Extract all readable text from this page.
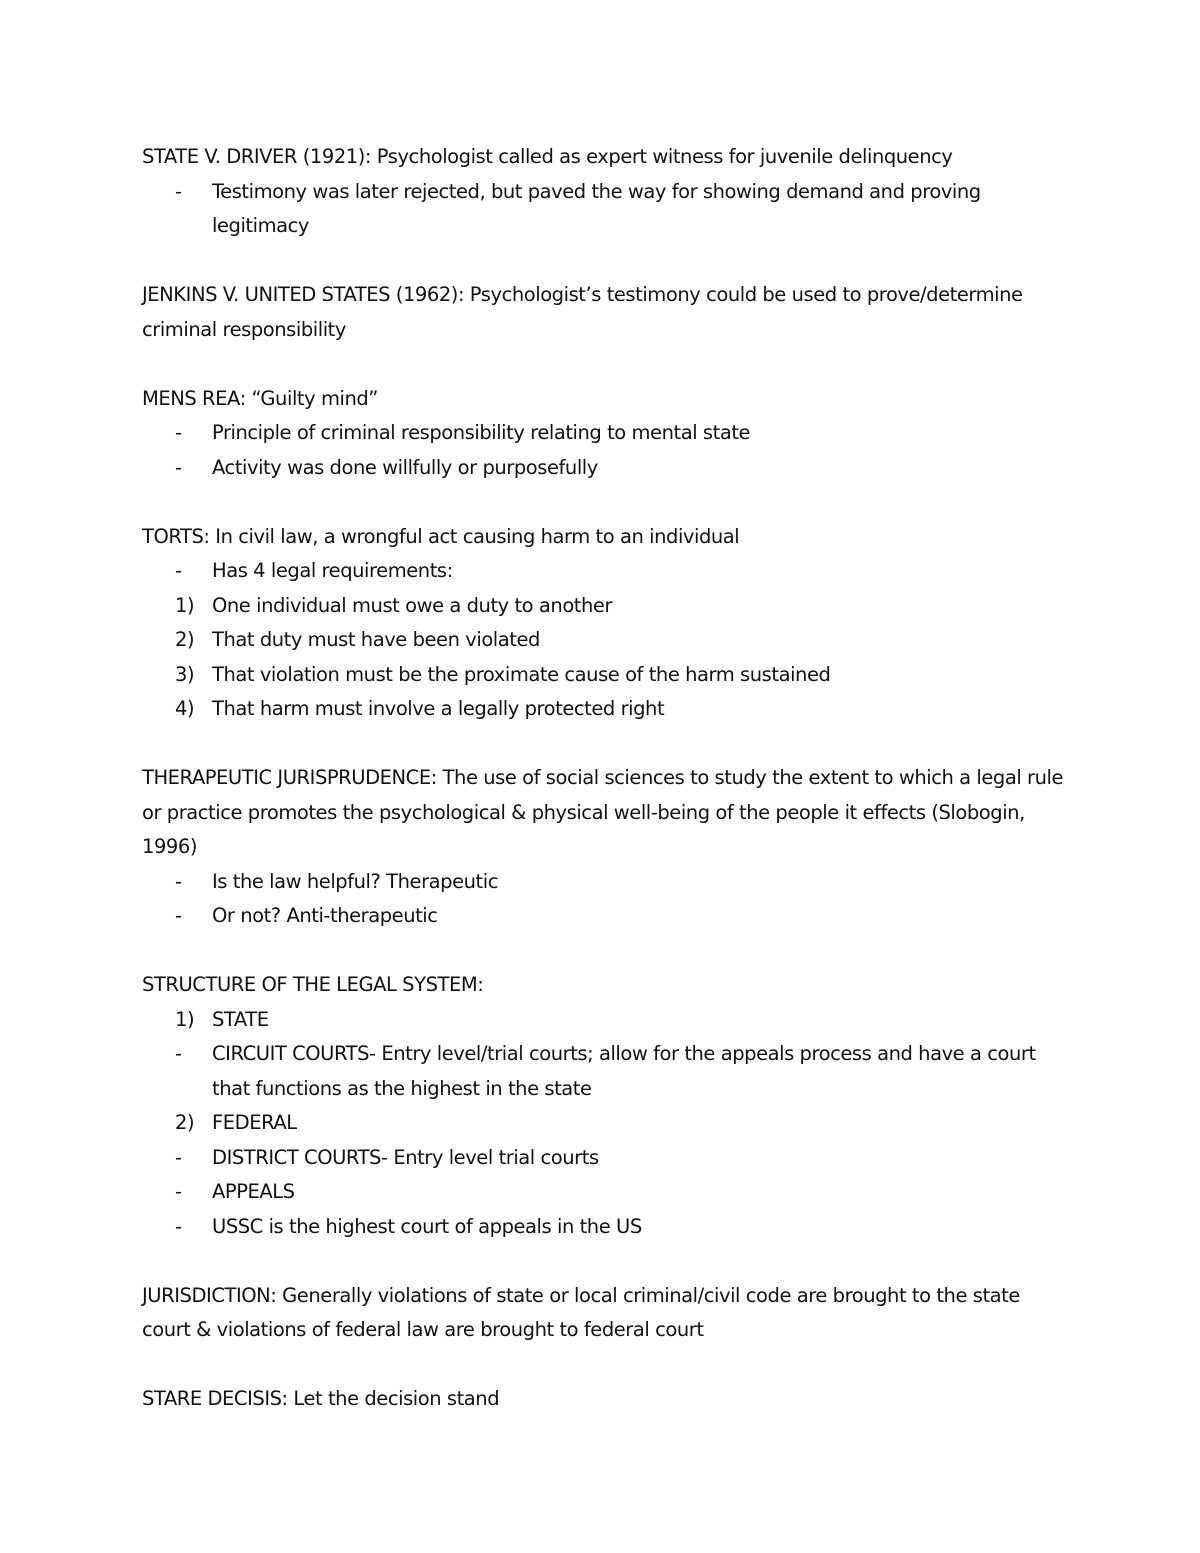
STATE V. DRIVER (1921): Psychologist called as expert witness for juvenile delinquency
- Testimony was later rejected, but paved the way for showing demand and proving legitimacy
JENKINS V. UNITED STATES (1962): Psychologist’s testimony could be used to prove/determine criminal responsibility
MENS REA: “Guilty mind”
- Principle of criminal responsibility relating to mental state
- Activity was done willfully or purposefully
TORTS: In civil law, a wrongful act causing harm to an individual
- Has 4 legal requirements:
1) One individual must owe a duty to another
2) That duty must have been violated
3) That violation must be the proximate cause of the harm sustained
4) That harm must involve a legally protected right
THERAPEUTIC JURISPRUDENCE: The use of social sciences to study the extent to which a legal rule or practice promotes the psychological & physical well-being of the people it effects (Slobogin, 1996)
- Is the law helpful? Therapeutic
- Or not? Anti-therapeutic
STRUCTURE OF THE LEGAL SYSTEM:
1) STATE
- CIRCUIT COURTS- Entry level/trial courts; allow for the appeals process and have a court that functions as the highest in the state
2) FEDERAL
- DISTRICT COURTS- Entry level trial courts
- APPEALS
- USSC is the highest court of appeals in the US
JURISDICTION: Generally violations of state or local criminal/civil code are brought to the state court & violations of federal law are brought to federal court
STARE DECISIS: Let the decision stand
